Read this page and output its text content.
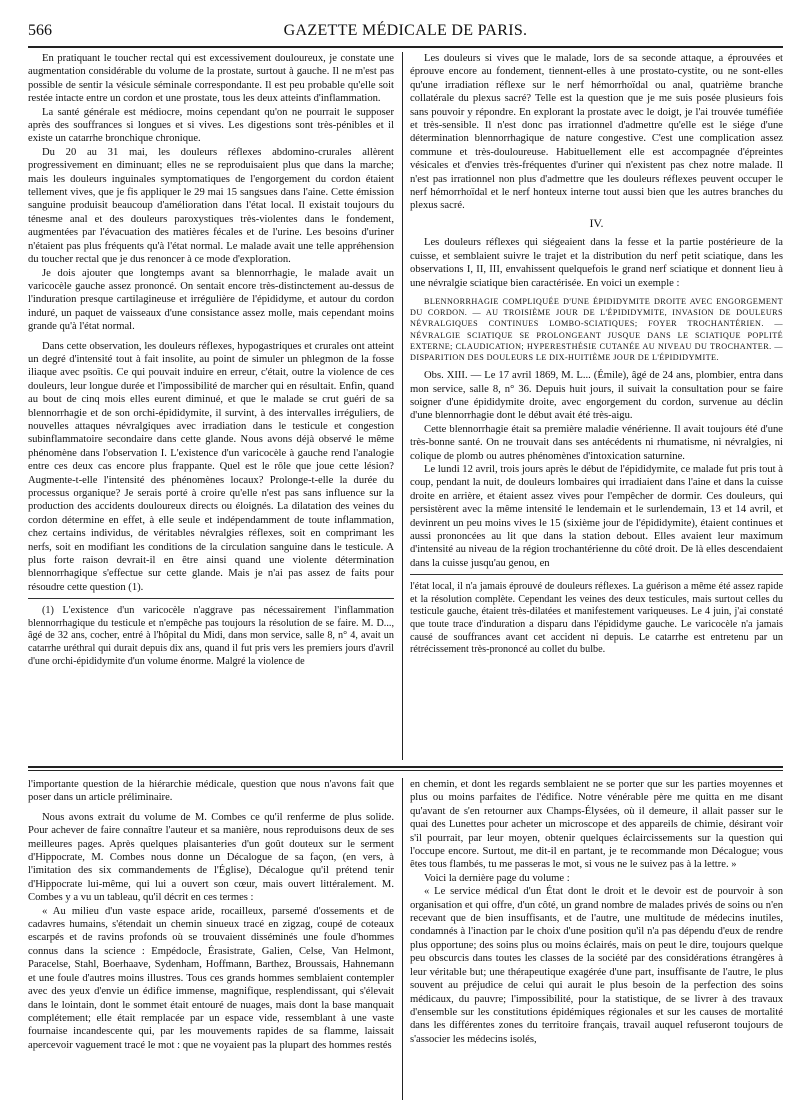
566	GAZETTE MÉDICALE DE PARIS.

En pratiquant le toucher rectal qui est excessivement douloureux, je constate une augmentation considérable du volume de la prostate, surtout à gauche. Il ne m'est pas possible de sentir la vésicule séminale correspondante. Il est peu probable qu'elle soit restée intacte entre un cordon et une prostate, tous les deux atteints d'inflammation.

La santé générale est médiocre, moins cependant qu'on ne pourrait le supposer après des souffrances si longues et si vives. Les digestions sont très-pénibles et il existe un catarrhe bronchique chronique.

Du 20 au 31 mai, les douleurs réflexes abdomino-crurales allèrent progressivement en diminuant; elles ne se reproduisaient plus que dans la marche; mais les douleurs inguinales symptomatiques de l'engorgement du cordon étaient tellement vives, que je fis appliquer le 29 mai 15 sangsues dans l'aine. Cette émission sanguine produisit beaucoup d'amélioration dans l'état local. Il existait toujours du ténesme anal et des douleurs paroxystiques très-violentes dans le fondement, augmentées par l'évacuation des matières fécales et de l'urine. Les besoins d'uriner n'étaient pas plus fréquents qu'à l'état normal. Le malade avait une telle appréhension du toucher rectal que je dus renoncer à ce mode d'exploration.

Je dois ajouter que longtemps avant sa blennorrhagie, le malade avait un varicocèle gauche assez prononcé. On sentait encore très-distinctement au-dessus de l'induration presque cartilagineuse et irrégulière de l'épididyme, et autour du cordon induré, un paquet de vaisseaux d'une consistance assez molle, mais cependant moins grande qu'à l'état normal.

Dans cette observation, les douleurs réflexes, hypogastriques et crurales ont atteint un degré d'intensité tout à fait insolite, au point de simuler un phlegmon de la fosse iliaque avec psoïtis. Ce qui pouvait induire en erreur, c'était, outre la violence de ces douleurs, leur longue durée et l'impossibilité de marcher qui en résultait. Enfin, quand au bout de cinq mois elles eurent diminué, et que le malade se crut guéri de sa blennorrhagie et de son orchi-épididymite, il survint, à des intervalles irréguliers, de nouvelles attaques névralgiques avec irradiation dans le testicule et congestion subinflammatoire secondaire dans cette glande. Nous avons déjà observé le même phénomène dans l'observation I. L'existence d'un varicocèle à gauche rend l'analogie entre ces deux cas encore plus frappante. Quel est le rôle que joue cette lésion? Augmente-t-elle l'intensité des phénomènes locaux? Prolonge-t-elle la durée du processus organique? Je serais porté à croire qu'elle n'est pas sans influence sur la production des accidents douloureux directs ou éloignés. La dilatation des veines du cordon détermine en effet, à elle seule et indépendamment de toute inflammation, chez certains individus, de véritables névralgies réflexes, soit en comprimant les nerfs, soit en modifiant les conditions de la circulation sanguine dans le testicule. A plus forte raison devrait-il en être ainsi quand une violente détermination blennorrhagique s'effectue sur cette glande. Mais je n'ai pas assez de faits pour résoudre cette question (1).

(1) L'existence d'un varicocèle n'aggrave pas nécessairement l'inflammation blennorrhagique du testicule et n'empêche pas toujours la résolution de se faire. M. D..., âgé de 32 ans, cocher, entré à l'hôpital du Midi, dans mon service, salle 8, n° 4, avait un catarrhe uréthral qui durait depuis dix ans, quand il fut pris vers les premiers jours d'avril d'une orchi-épididymite d'un volume énorme. Malgré la violence de

Les douleurs si vives que le malade, lors de sa seconde attaque, a éprouvées et éprouve encore au fondement, tiennent-elles à une prostato-cystite, ou ne sont-elles qu'une irradiation réflexe sur le nerf hémorrhoïdal ou anal, quatrième branche collatérale du plexus sacré? Telle est la question que je me suis posée plusieurs fois sans pouvoir y répondre. En explorant la prostate avec le doigt, je l'ai trouvée tuméfiée et très-sensible. Il n'est donc pas irrationnel d'admettre qu'elle est le siége d'une détermination blennorrhagique de nature congestive. C'est une complication assez commune et très-douloureuse. Habituellement elle est accompagnée d'épreintes vésicales et d'envies très-fréquentes d'uriner qui n'existent pas chez notre malade. Il n'est pas irrationnel non plus d'admettre que les douleurs réflexes peuvent occuper le nerf hémorrhoïdal et le nerf honteux interne tout aussi bien que les autres branches du plexus sacré.

IV.

Les douleurs réflexes qui siégeaient dans la fesse et la partie postérieure de la cuisse, et semblaient suivre le trajet et la distribution du nerf petit sciatique, dans les observations I, II, III, envahissent quelquefois le grand nerf sciatique et donnent lieu à une névralgie sciatique bien caractérisée. En voici un exemple :

BLENNORRHAGIE COMPLIQUÉE D'UNE ÉPIDIDYMITE DROITE AVEC ENGORGEMENT DU CORDON. — AU TROISIÈME JOUR DE L'ÉPIDIDYMITE, INVASION DE DOULEURS NÉVRALGIQUES CONTINUES LOMBO-SCIATIQUES; FOYER TROCHANTÉRIEN. — NÉVRALGIE SCIATIQUE SE PROLONGEANT JUSQUE DANS LE SCIATIQUE POPLITÉ EXTERNE; CLAUDICATION; HYPERESTHÉSIE CUTANÉE AU NIVEAU DU TROCHANTER. — DISPARITION DES DOULEURS LE DIX-HUITIÈME JOUR DE L'ÉPIDIDYMITE.

Obs. XIII. — Le 17 avril 1869, M. L... (Émile), âgé de 24 ans, plombier, entra dans mon service, salle 8, n° 36. Depuis huit jours, il suivait la consultation pour se faire soigner d'une épididymite droite, avec engorgement du cordon, survenue au déclin d'une blennorrhagie dont le début avait été très-aigu.

Cette blennorrhagie était sa première maladie vénérienne. Il avait toujours été d'une très-bonne santé. On ne trouvait dans ses antécédents ni rhumatisme, ni névralgies, ni colique de plomb ou autres phénomènes d'intoxication saturnine.

Le lundi 12 avril, trois jours après le début de l'épididymite, ce malade fut pris tout à coup, pendant la nuit, de douleurs lombaires qui irradiaient dans l'aine et dans la cuisse droite en arrière, et étaient assez vives pour l'empêcher de dormir. Ces douleurs, qui persistèrent avec la même intensité le lendemain et le surlendemain, 13 et 14 avril, et devinrent un peu moins vives le 15 (sixième jour de l'épididymite), étaient continues et aussi prononcées au lit que dans la station debout. Elles avaient leur maximum d'intensité au niveau de la région trochantérienne du côté droit. De là elles descendaient dans la cuisse jusqu'au genou, en

l'état local, il n'a jamais éprouvé de douleurs réflexes. La guérison a même été assez rapide et la résolution complète. Cependant les veines des deux testicules, mais surtout celles du testicule gauche, étaient très-dilatées et manifestement variqueuses. Le 4 juin, j'ai constaté que toute trace d'induration a disparu dans l'épididyme gauche. Le varicocèle n'a jamais causé de souffrances avant cet accident ni depuis. Le catarrhe est entretenu par un rétrécissement très-prononcé au collet du bulbe.

l'importante question de la hiérarchie médicale, question que nous n'avons fait que poser dans un article préliminaire.

Nous avons extrait du volume de M. Combes ce qu'il renferme de plus solide. Pour achever de faire connaître l'auteur et sa manière, nous reproduisons deux de ses meilleures pages. Après quelques plaisanteries d'un goût douteux sur le serment d'Hippocrate, M. Combes nous donne un Décalogue de sa façon, (en vers, à l'imitation des six commandements de l'Église), Décalogue qu'il prétend tenir d'Hippocrate lui-même, qui lui a ouvert son cœur, mais ouvert littéralement. M. Combes y a vu un tableau, qu'il décrit en ces termes :

« Au milieu d'un vaste espace aride, rocailleux, parsemé d'ossements et de cadavres humains, s'étendait un chemin sinueux tracé en zigzag, coupé de coteaux escarpés et de ravins profonds où se trouvaient disséminés une foule d'hommes connus dans la science : Empédocle, Érasistrate, Galien, Celse, Van Helmont, Paracelse, Stahl, Boerhaave, Sydenham, Hoffmann, Barthez, Broussais, Hahnemann et une foule d'autres moins illustres. Tous ces grands hommes semblaient contempler avec des yeux d'envie un édifice immense, magnifique, resplendissant, qui s'élevait dans le lointain, dont le sommet était entouré de nuages, mais dont la base manquait complétement; elle était remplacée par un espace vide, ressemblant à une vaste fournaise incandescente qui, par les mouvements rapides de sa flamme, laissait apercevoir vaguement tracé le mot : que ne voyaient pas la plupart des hommes restés

en chemin, et dont les regards semblaient ne se porter que sur les parties moyennes et plus ou moins parfaites de l'édifice. Notre vénérable père me quitta en me disant qu'avant de s'en retourner aux Champs-Élysées, où il demeure, il allait passer sur le quai des Lunettes pour acheter un microscope et des appareils de chimie, désirant voir s'il pourrait, par leur moyen, obtenir quelques éclaircissements sur la question qui l'occupe encore. Surtout, me dit-il en partant, je te recommande mon Décalogue; vous êtes tous flambés, tu me passeras le mot, si vous ne le suivez pas à la lettre. »

Voici la dernière page du volume :

« Le service médical d'un État dont le droit et le devoir est de pourvoir à son organisation et qui offre, d'un côté, un grand nombre de malades privés de soins ou n'en recevant que de bien insuffisants, et de l'autre, une multitude de médecins inutiles, condamnés à l'inaction par le choix d'une position qu'il n'a pas dépendu d'eux de rendre plus opportune; des soins plus ou moins éclairés, mais on peut le dire, toujours quelque peu obscurcis dans toutes les classes de la société par des considérations étrangères à leur véritable but; une thérapeutique exagérée d'une part, insuffisante de l'autre, le plus souvent au préjudice de celui qui aurait le plus besoin de la perfection des soins médicaux, du pauvre; l'impossibilité, pour la statistique, de se livrer à des travaux d'ensemble sur les constitutions épidémiques régionales et sur les causes de mortalité dans les différentes zones du territoire français, travail auquel refuseront toujours de s'associer les médecins isolés,
